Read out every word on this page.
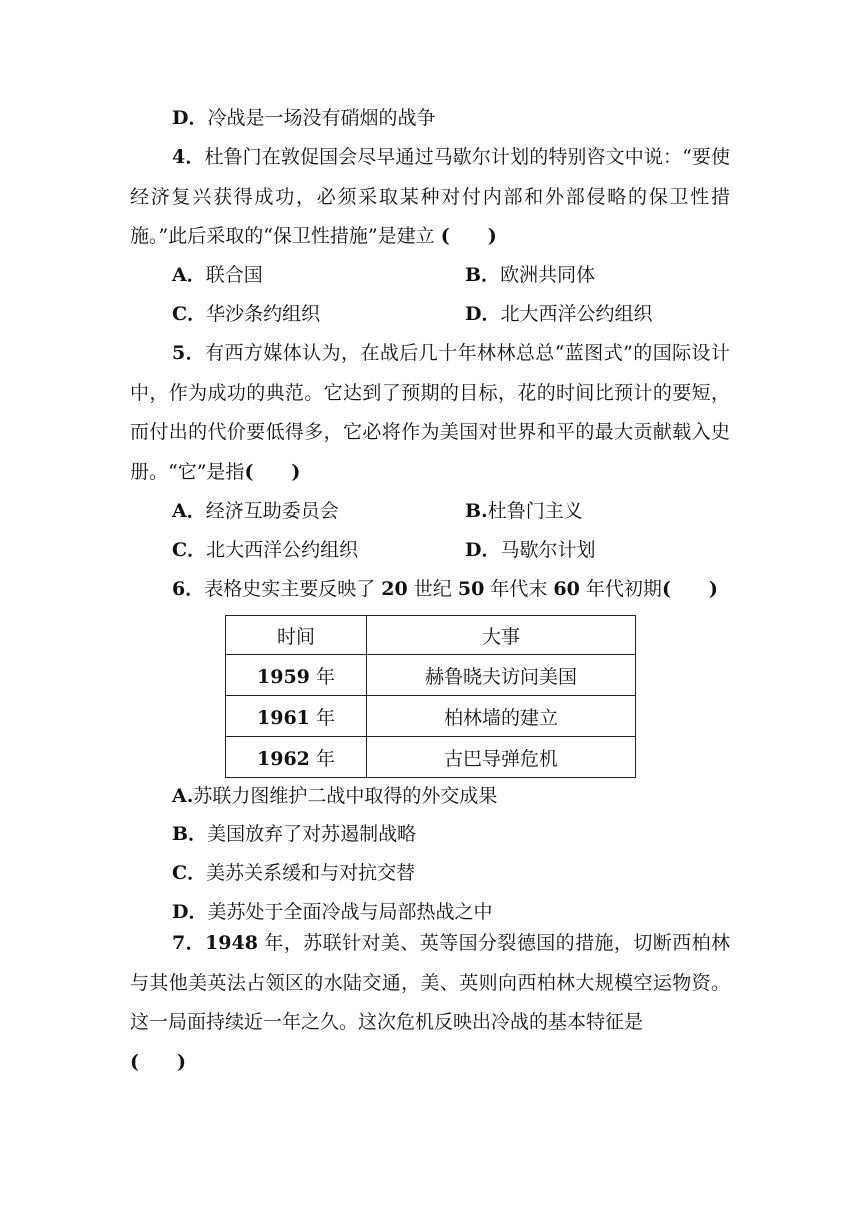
D．冷战是一场没有硝烟的战争

4．杜鲁门在敦促国会尽早通过马歇尔计划的特别咨文中说：“要使经济复兴获得成功，必须采取某种对付内部和外部侵略的保卫性措施。”此后采取的“保卫性措施”是建立 (　　)

A．联合国	B．欧洲共同体
C．华沙条约组织	D．北大西洋公约组织

5．有西方媒体认为，在战后几十年林林总总“蓝图式”的国际设计中，作为成功的典范。它达到了预期的目标，花的时间比预计的要短，而付出的代价要低得多，它必将作为美国对世界和平的最大贡献载入史册。“它”是指(　　)

A．经济互助委员会	B.杜鲁门主义
C．北大西洋公约组织	D．马歇尔计划
6．表格史实主要反映了 20 世纪 50 年代末 60 年代初期(　　)
时间	大事
1959 年	赫鲁晓夫访问美国
1961 年	柏林墙的建立
1962 年	古巴导弹危机
A.苏联力图维护二战中取得的外交成果
B．美国放弃了对苏遏制战略
C．美苏关系缓和与对抗交替
D．美苏处于全面冷战与局部热战之中

7．1948 年，苏联针对美、英等国分裂德国的措施，切断西柏林与其他美英法占领区的水陆交通，美、英则向西柏林大规模空运物资。这一局面持续近一年之久。这次危机反映出冷战的基本特征是
(　　)
